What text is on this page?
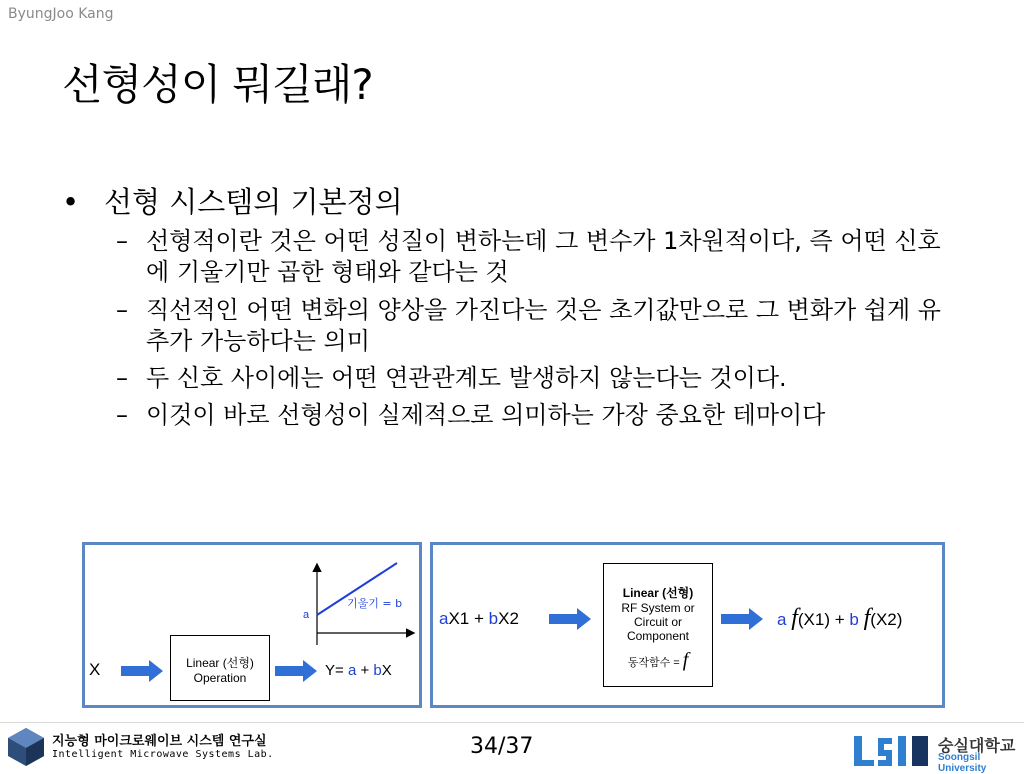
ByungJoo Kang
선형성이 뭐길래?
• 선형 시스템의 기본정의
– 선형적이란 것은 어떤 성질이 변하는데 그 변수가 1차원적이다, 즉 어떤 신호에 기울기만 곱한 형태와 같다는 것
– 직선적인 어떤 변화의 양상을 가진다는 것은 초기값만으로 그 변화가 쉽게 유추가 가능하다는 의미
– 두 신호 사이에는 어떤 연관관계도 발생하지 않는다는 것이다.
– 이것이 바로 선형성이 실제적으로 의미하는 가장 중요한 테마이다
a
기울기 = b
X	Linear (선형)
Operation	Y= a + bX
aX1 + bX2
Linear (선형)
RF System or
Circuit or
Component
동작함수 = f
a f(X1) + b f(X2)
지능형 마이크로웨이브 시스템 연구실
Intelligent Microwave Systems Lab.	34/37	숭실대학교
Soongsil University
